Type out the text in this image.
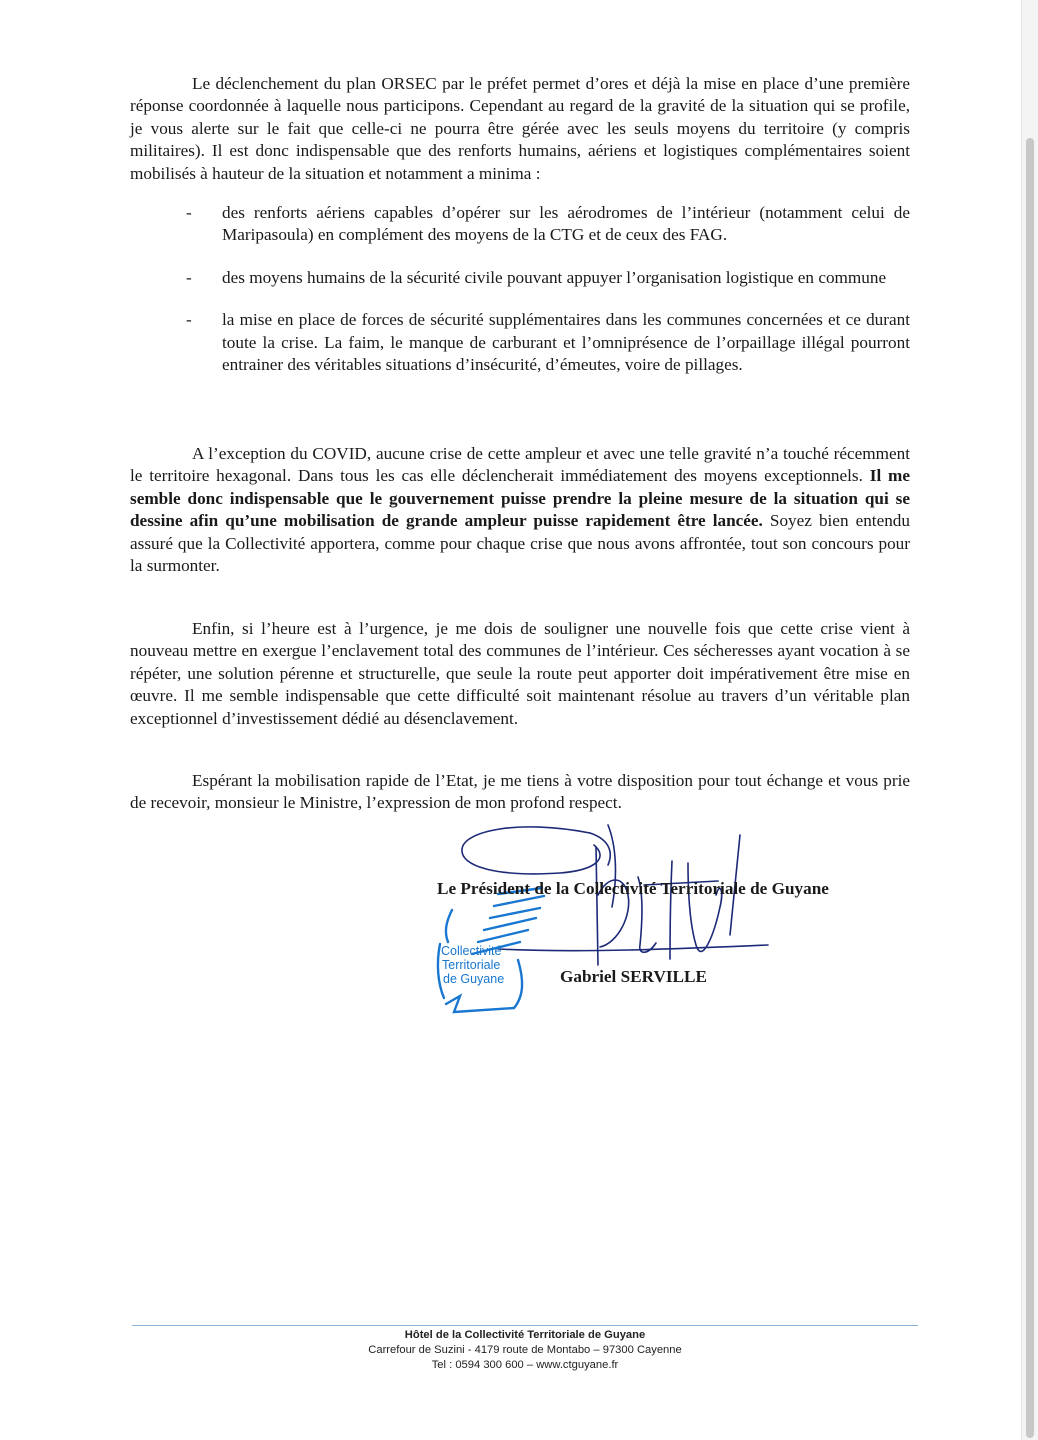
Le déclenchement du plan ORSEC par le préfet permet d’ores et déjà la mise en place d’une première réponse coordonnée à laquelle nous participons. Cependant au regard de la gravité de la situation qui se profile, je vous alerte sur le fait que celle-ci ne pourra être gérée avec les seuls moyens du territoire (y compris militaires). Il est donc indispensable que des renforts humains, aériens et logistiques complémentaires soient mobilisés à hauteur de la situation et notamment a minima :

- des renforts aériens capables d’opérer sur les aérodromes de l’intérieur (notamment celui de Maripasoula) en complément des moyens de la CTG et de ceux des FAG.
- des moyens humains de la sécurité civile pouvant appuyer l’organisation logistique en commune
- la mise en place de forces de sécurité supplémentaires dans les communes concernées et ce durant toute la crise. La faim, le manque de carburant et l’omniprésence de l’orpaillage illégal pourront entrainer des véritables situations d’insécurité, d’émeutes, voire de pillages.

A l’exception du COVID, aucune crise de cette ampleur et avec une telle gravité n’a touché récemment le territoire hexagonal. Dans tous les cas elle déclencherait immédiatement des moyens exceptionnels. Il me semble donc indispensable que le gouvernement puisse prendre la pleine mesure de la situation qui se dessine afin qu’une mobilisation de grande ampleur puisse rapidement être lancée. Soyez bien entendu assuré que la Collectivité apportera, comme pour chaque crise que nous avons affrontée, tout son concours pour la surmonter.

Enfin, si l’heure est à l’urgence, je me dois de souligner une nouvelle fois que cette crise vient à nouveau mettre en exergue l’enclavement total des communes de l’intérieur. Ces sécheresses ayant vocation à se répéter, une solution pérenne et structurelle, que seule la route peut apporter doit impérativement être mise en œuvre. Il me semble indispensable que cette difficulté soit maintenant résolue au travers d’un véritable plan exceptionnel d’investissement dédié au désenclavement.

Espérant la mobilisation rapide de l’Etat, je me tiens à votre disposition pour tout échange et vous prie de recevoir, monsieur le Ministre, l’expression de mon profond respect.

Collectivité
Territoriale
de Guyane
Le Président de la Collectivité Territoriale de Guyane
Gabriel SERVILLE
Hôtel de la Collectivité Territoriale de Guyane
Carrefour de Suzini - 4179 route de Montabo – 97300 Cayenne
Tel : 0594 300 600 – www.ctguyane.fr
